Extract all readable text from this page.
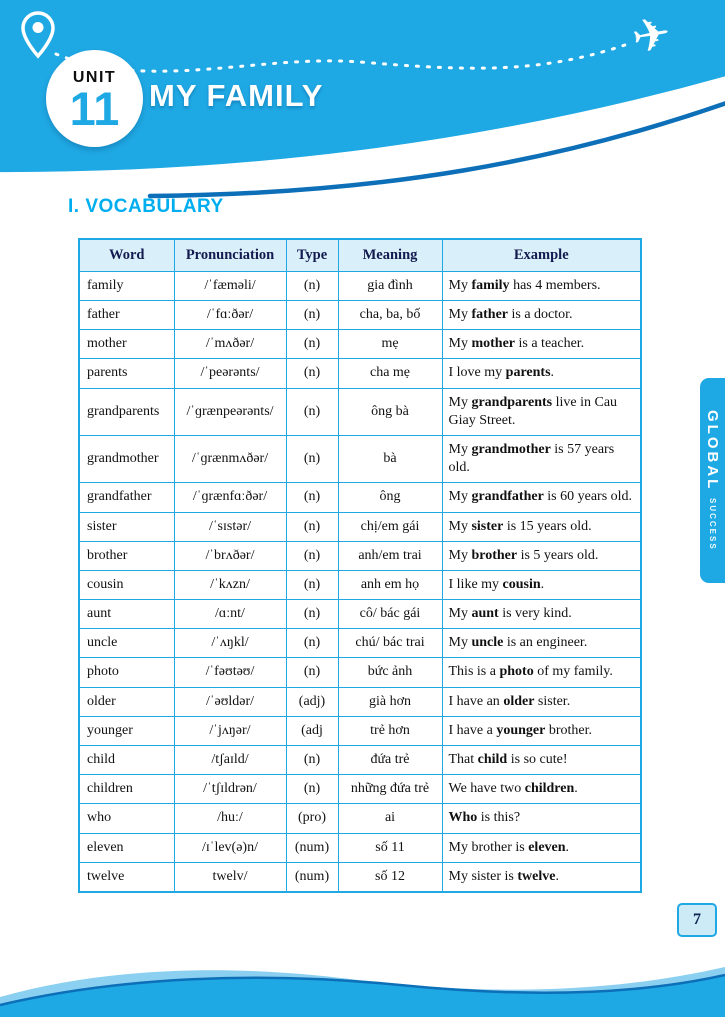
✈
UNIT
11 MY FAMILY
I. VOCABULARY
Word	Pronunciation	Type	Meaning	Example
family	/ˈfæməli/	(n)	gia đình	My family has 4 members.
father	/ˈfɑːðər/	(n)	cha, ba, bố	My father is a doctor.
mother	/ˈmʌðər/	(n)	mẹ	My mother is a teacher.
parents	/ˈpeərənts/	(n)	cha mẹ	I love my parents.
grandparents	/ˈɡrænpeərənts/	(n)	ông bà	My grandparents live in Cau Giay Street.
grandmother	/ˈɡrænmʌðər/	(n)	bà	My grandmother is 57 years old.
grandfather	/ˈɡrænfɑːðər/	(n)	ông	My grandfather is 60 years old.
sister	/ˈsɪstər/	(n)	chị/em gái	My sister is 15 years old.
brother	/ˈbrʌðər/	(n)	anh/em trai	My brother is 5 years old.
cousin	/ˈkʌzn/	(n)	anh em họ	I like my cousin.
aunt	/ɑːnt/	(n)	cô/ bác gái	My aunt is very kind.
uncle	/ˈʌŋkl/	(n)	chú/ bác trai	My uncle is an engineer.
photo	/ˈfəʊtəʊ/	(n)	bức ảnh	This is a photo of my family.
older	/ˈəʊldər/	(adj)	già hơn	I have an older sister.
younger	/ˈjʌŋər/	(adj	trẻ hơn	I have a younger brother.
child	/tʃaɪld/	(n)	đứa trẻ	That child is so cute!
children	/ˈtʃɪldrən/	(n)	những đứa trẻ	We have two children.
who	/huː/	(pro)	ai	Who is this?
eleven	/ɪˈlev(ə)n/	(num)	số 11	My brother is eleven.
twelve	twelv/	(num)	số 12	My sister is twelve.
GLOBAL
SUCCESS
7
